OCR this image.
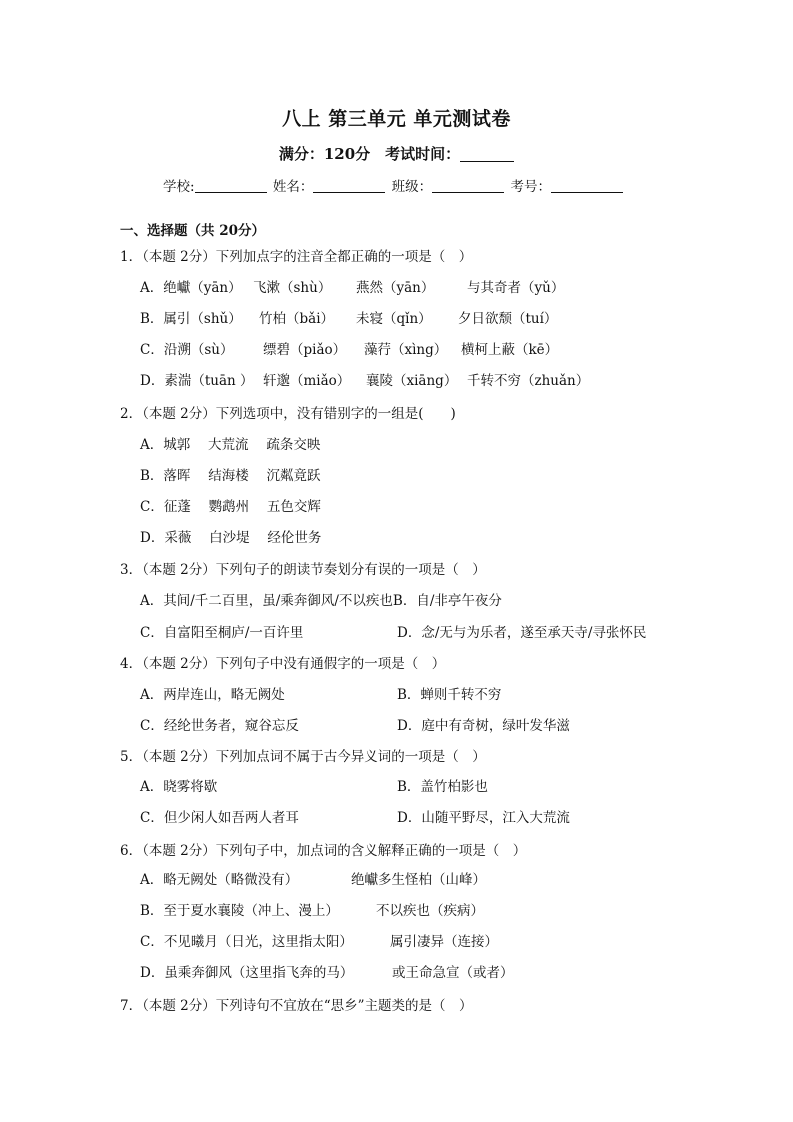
八上 第三单元 单元测试卷
满分：120分　考试时间：
学校:	姓名：	班级：	考号：
一、选择题（共 20分）
1．（本题 2分）下列加点字的注音全都正确的一项是（　）
A．绝巘（yān） 飞漱（shù） 燕然（yān） 与其奇者（yǔ）
B．属引（shǔ） 竹柏（bǎi） 未寝（qǐn） 夕日欲颓（tuí）
C．沿溯（sù） 缥碧（piǎo） 藻荇（xìng） 横柯上蔽（kē）
D．素湍（tuān ） 轩邈（miǎo） 襄陵（xiāng） 千转不穷（zhuǎn）
2．（本题 2分）下列选项中，没有错别字的一组是(　　)
A．城郭　 大荒流　 疏条交映
B．落晖　 结海楼　 沉粼竟跃
C．征蓬　 鹦鹉州　 五色交辉
D．采薇　 白沙堤　 经伦世务
3．（本题 2分）下列句子的朗读节奏划分有误的一项是（　）
A．其间/千二百里，虽/乘奔御风/不以疾也B．自/非亭午夜分
C．自富阳至桐庐/一百许里	D．念/无与为乐者，遂至承天寺/寻张怀民
4．（本题 2分）下列句子中没有通假字的一项是（　）
A．两岸连山，略无阙处	B．蝉则千转不穷
C．经纶世务者，窥谷忘反	D．庭中有奇树，绿叶发华滋
5．（本题 2分）下列加点词不属于古今异义词的一项是（　）
A．晓雾将歇	B．盖竹柏影也
C．但少闲人如吾两人者耳	D．山随平野尽，江入大荒流
6．（本题 2分）下列句子中，加点词的含义解释正确的一项是（　）
A．略无阙处（略微没有）	绝巘多生怪柏（山峰）
B．至于夏水襄陵（冲上、漫上）	不以疾也（疾病）
C．不见曦月（日光，这里指太阳）	属引凄异（连接）
D．虽乘奔御风（这里指飞奔的马）	或王命急宣（或者）
7．（本题 2分）下列诗句不宜放在“思乡”主题类的是（　）
